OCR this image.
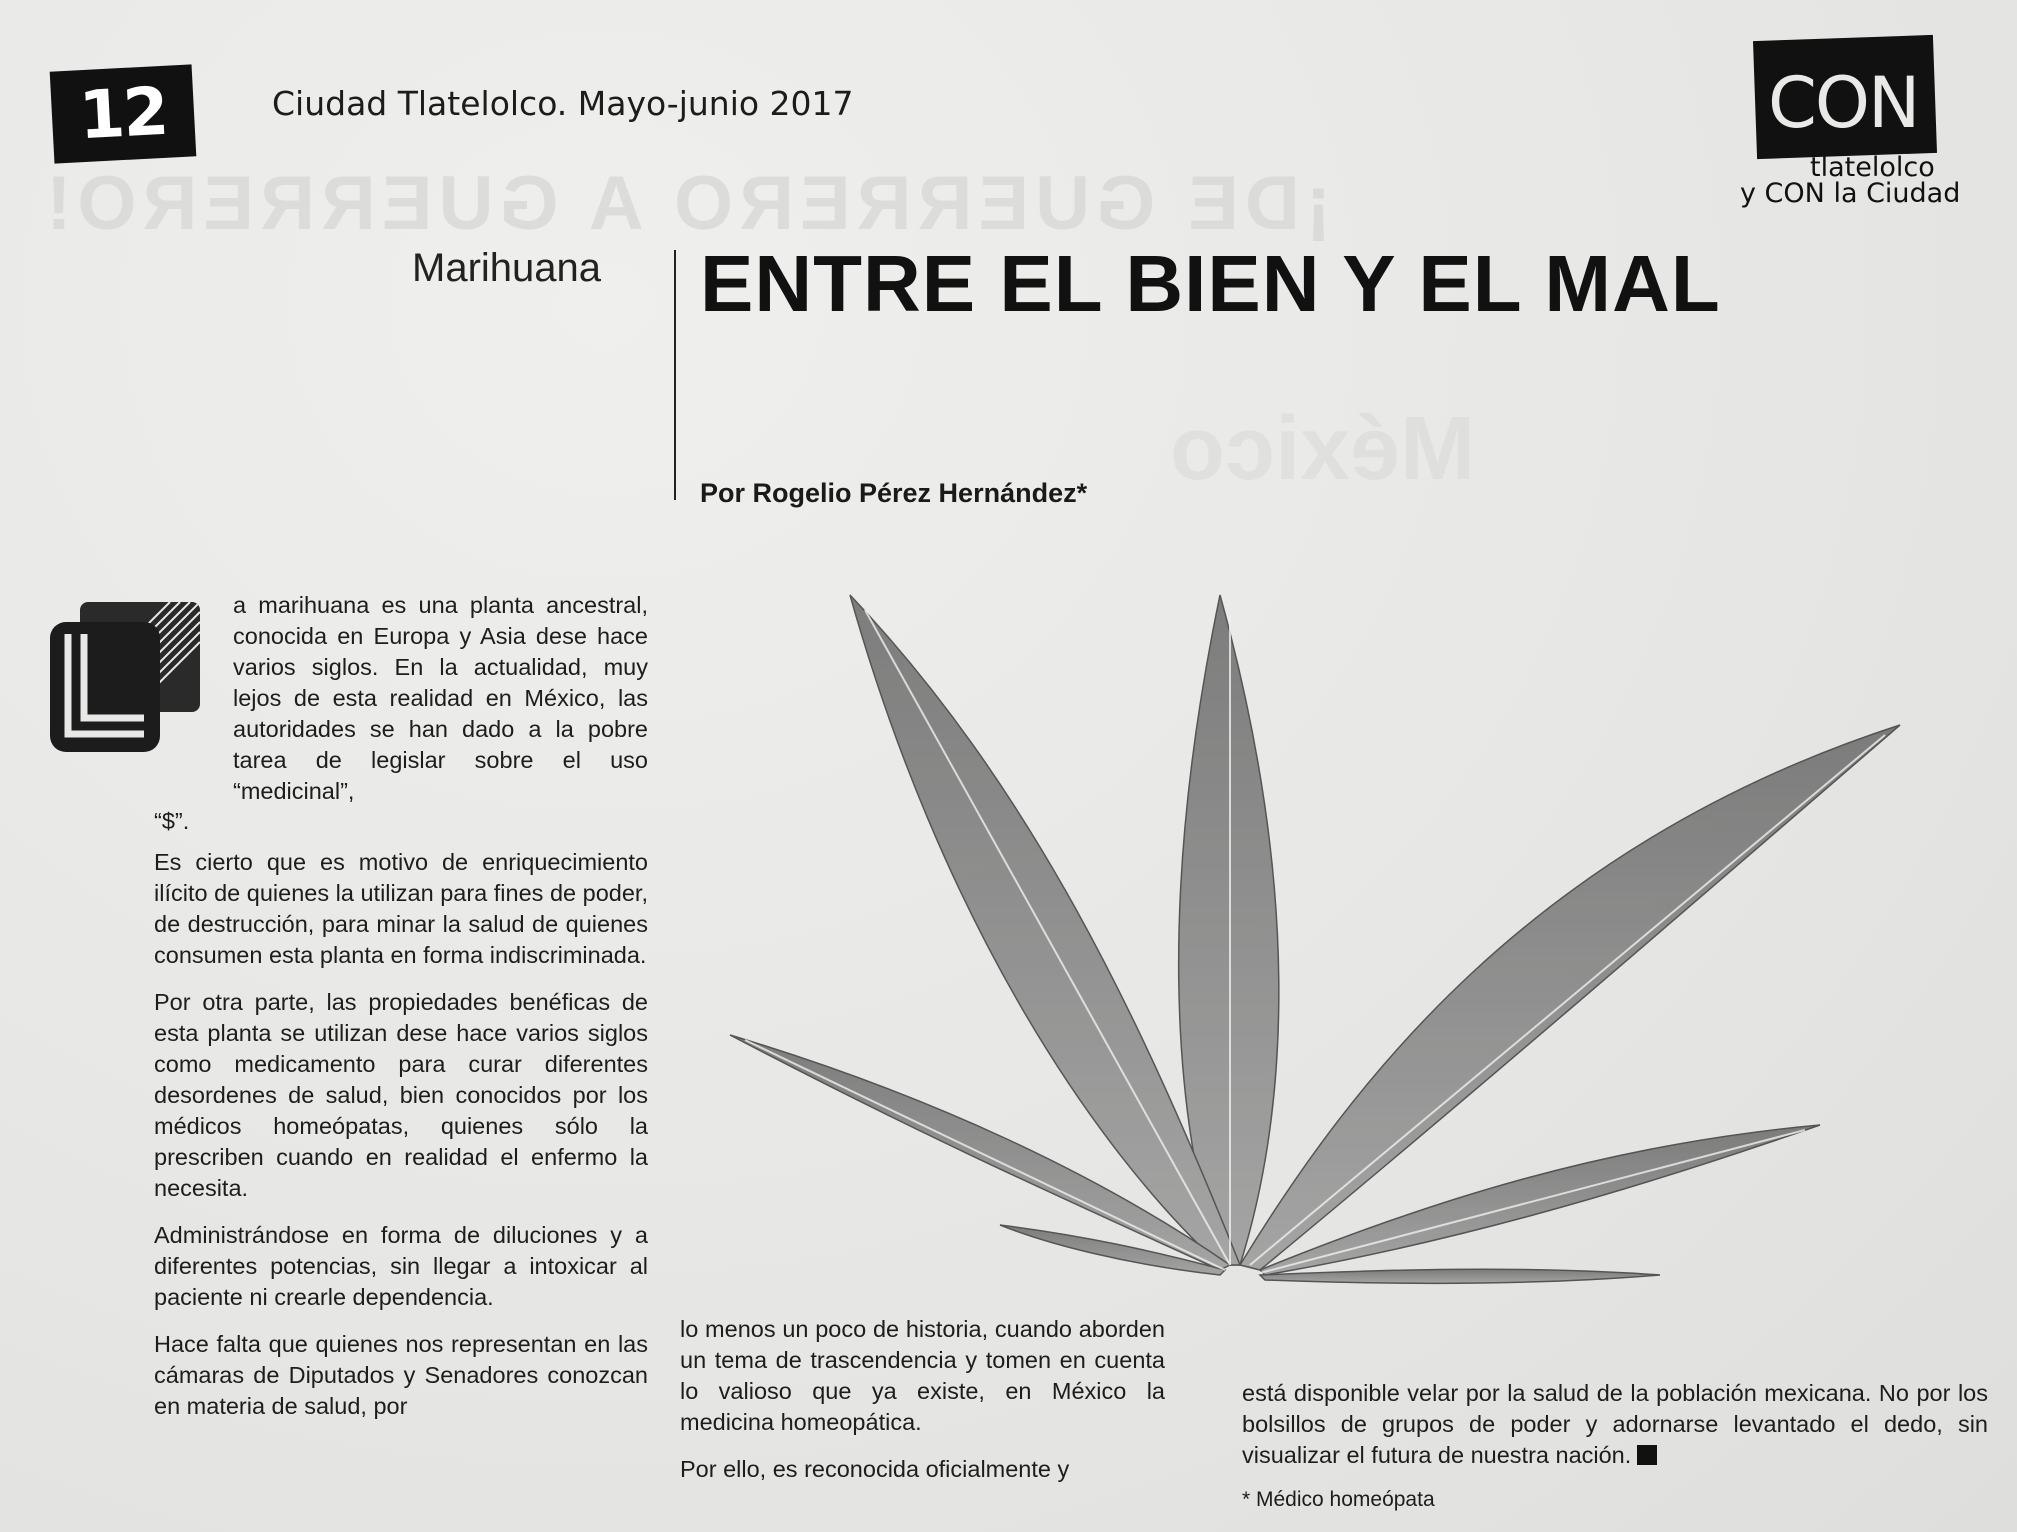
¡DE GUERRERO A GUERRERO!
México
12	Ciudad Tlatelolco. Mayo-junio 2017	CON
tlatelolco
y CON la Ciudad
Marihuana ENTRE EL BIEN Y EL MAL
Por Rogelio Pérez Hernández*
L	a marihuana es una planta ancestral, conocida en Europa y Asia dese hace varios siglos. En la actualidad, muy lejos de esta realidad en México, las autoridades se han dado a la pobre tarea de legislar sobre el uso “medicinal”,

“$”.

Es cierto que es motivo de enriquecimiento ilícito de quienes la utilizan para fines de poder, de destrucción, para minar la salud de quienes consumen esta planta en forma indiscriminada.

Por otra parte, las propiedades benéficas de esta planta se utilizan dese hace varios siglos como medicamento para curar diferentes desordenes de salud, bien conocidos por los médicos homeópatas, quienes sólo la prescriben cuando en realidad el enfermo la necesita.

Administrándose en forma de diluciones y a diferentes potencias, sin llegar a intoxicar al paciente ni crearle dependencia.

Hace falta que quienes nos representan en las cámaras de Diputados y Senadores conozcan en materia de salud, por

lo menos un poco de historia, cuando aborden un tema de trascendencia y tomen en cuenta lo valioso que ya existe, en México la medicina homeopática.

Por ello, es reconocida oficialmente y

está disponible velar por la salud de la población mexicana. No por los bolsillos de grupos de poder y adornarse levantado el dedo, sin visualizar el futura de nuestra nación.

* Médico homeópata
